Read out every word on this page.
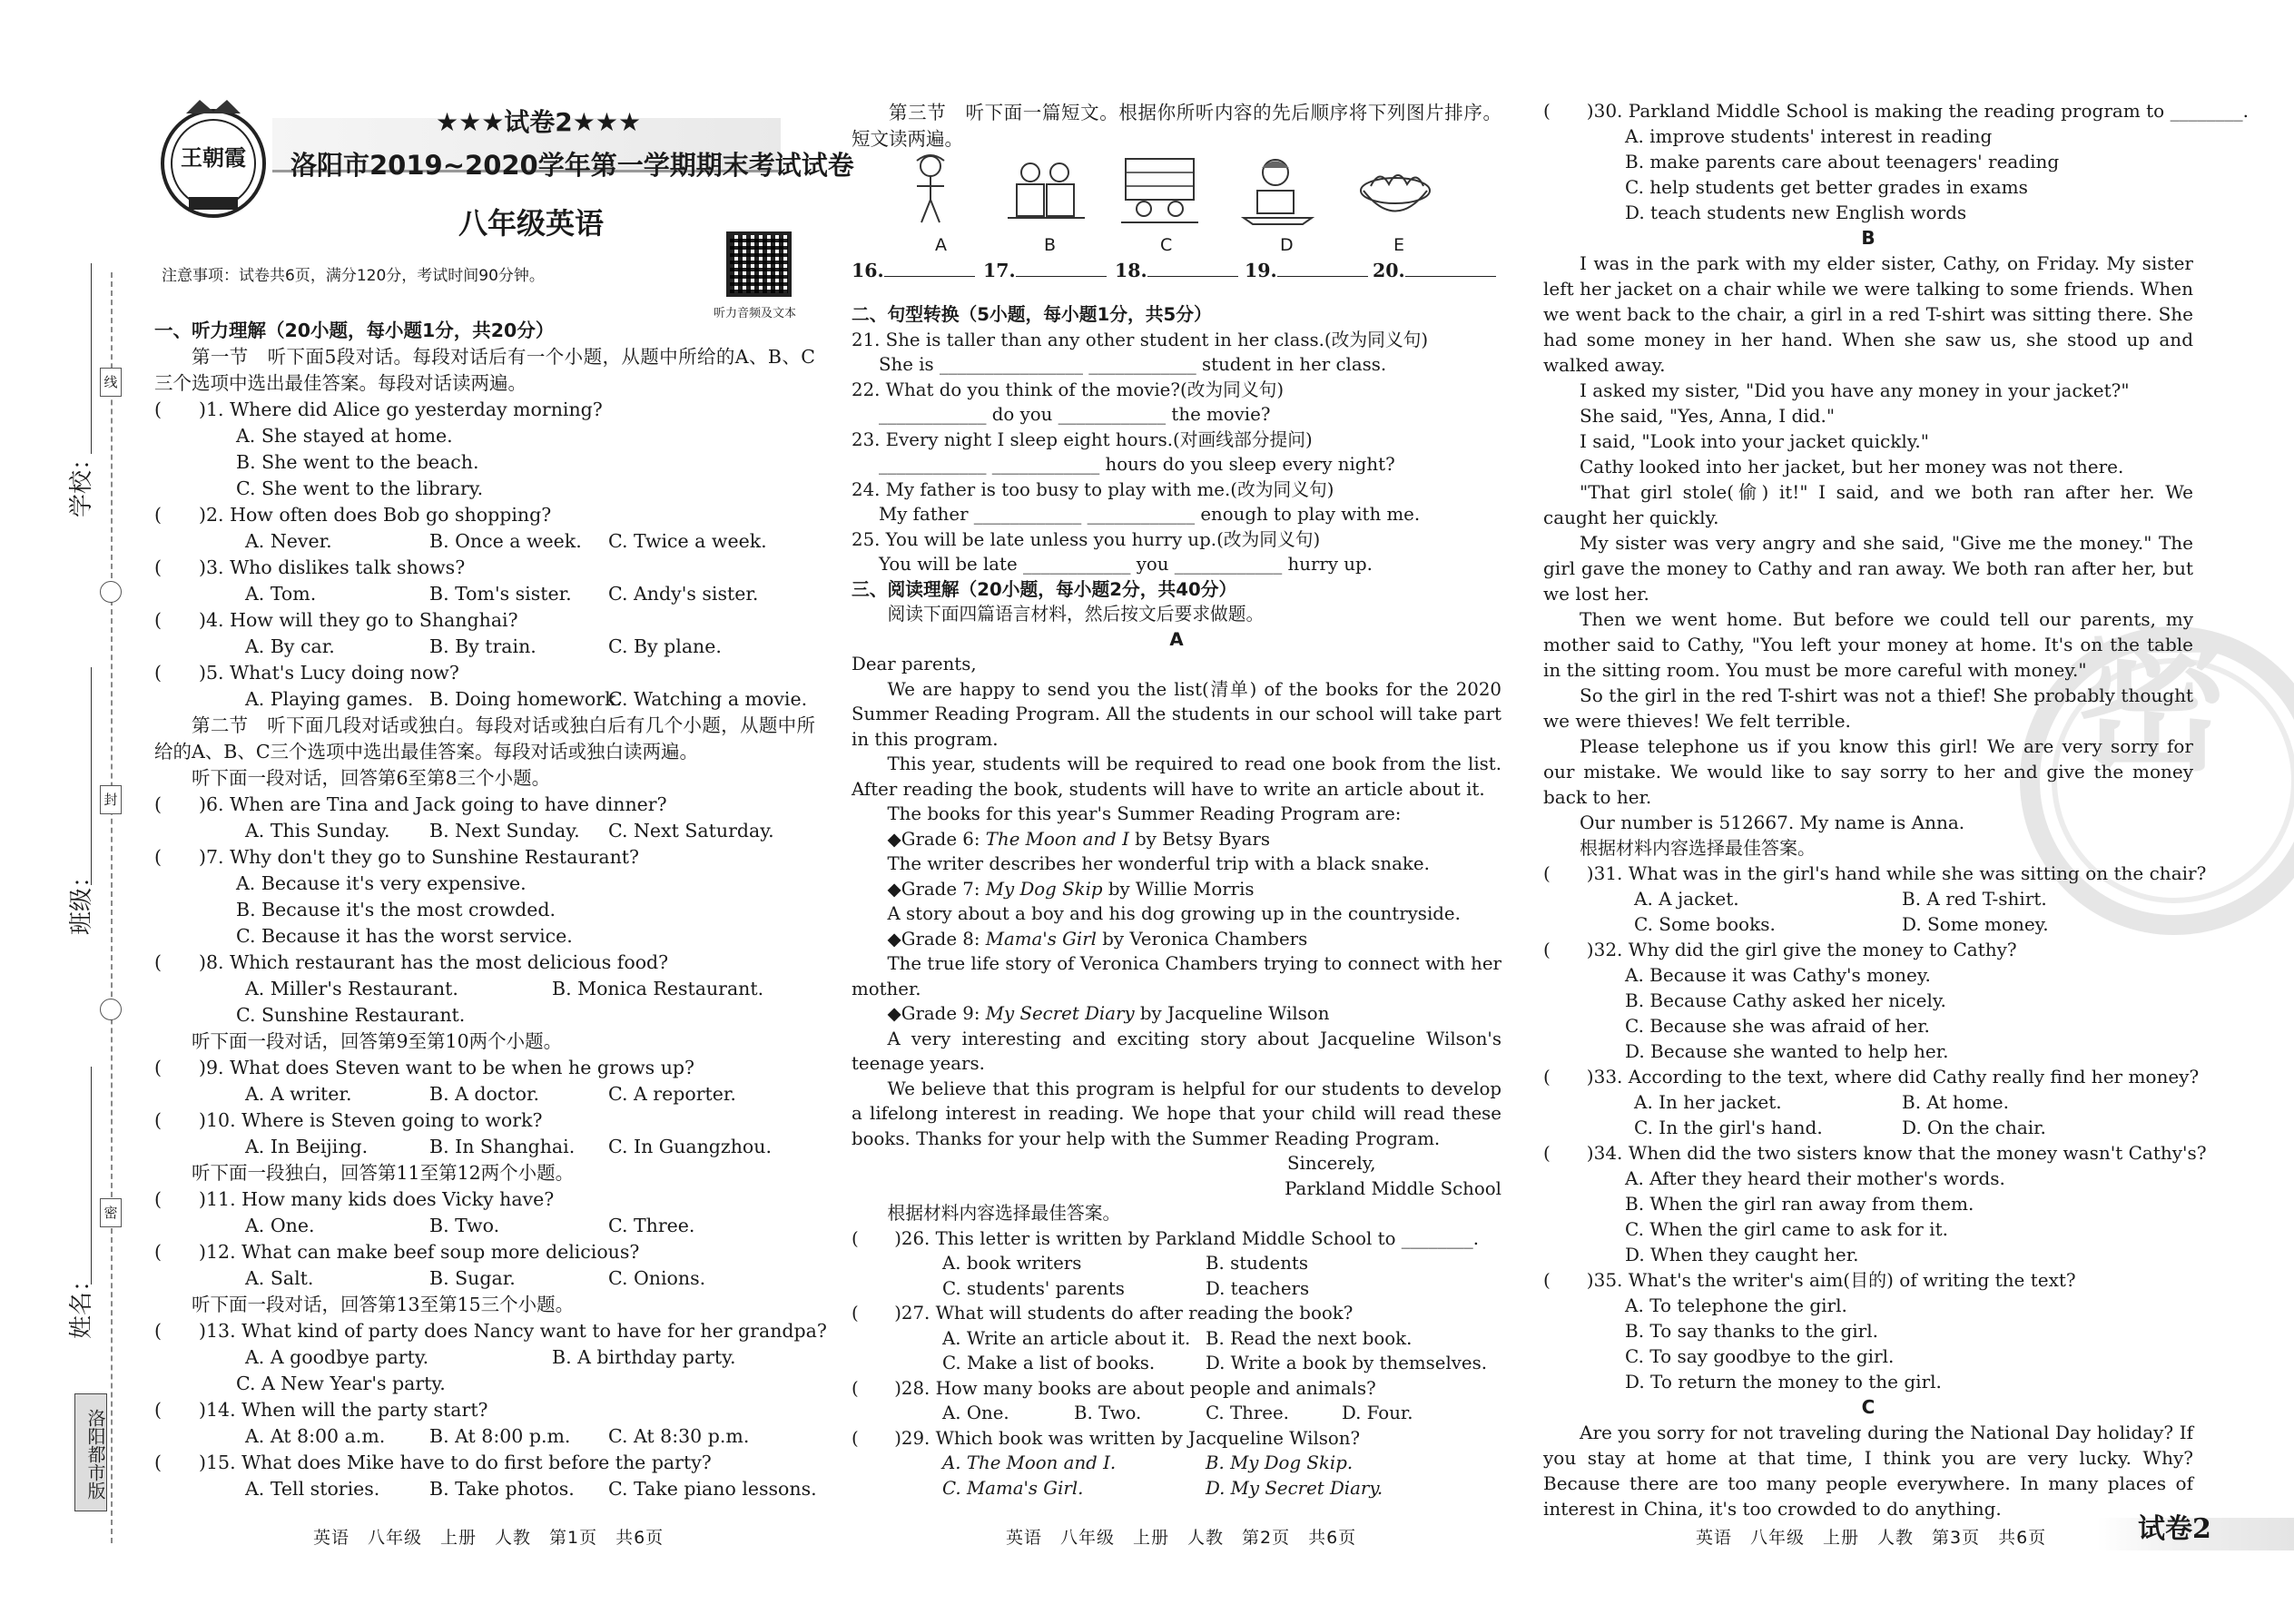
学校：
班级：
姓名：
线
封
密
洛阳都市版
密
王朝霞
★★★试卷2★★★
洛阳市2019~2020学年第一学期期末考试试卷
八年级英语
听力音频及文本
注意事项：试卷共6页，满分120分，考试时间90分钟。
一、听力理解（20小题，每小题1分，共20分）
第一节　听下面5段对话。每段对话后有一个小题，从题中所给的A、B、C三个选项中选出最佳答案。每段对话读两遍。
(　　)1. Where did Alice go yesterday morning?
A. She stayed at home.
B. She went to the beach.
C. She went to the library.
(　　)2. How often does Bob go shopping?
A. Never.	B. Once a week. C. Twice a week.
(　　)3. Who dislikes talk shows?
A. Tom.	B. Tom's sister. C. Andy's sister.
(　　)4. How will they go to Shanghai?
A. By car.	B. By train.	C. By plane.
(　　)5. What's Lucy doing now?
A. Playing games. B. Doing homework.
C. Watching a movie.
第二节　听下面几段对话或独白。每段对话或独白后有几个小题，从题中所给的A、B、C三个选项中选出最佳答案。每段对话或独白读两遍。
听下面一段对话，回答第6至第8三个小题。
(　　)6. When are Tina and Jack going to have dinner?
A. This Sunday. B. Next Sunday. C. Next Saturday.
(　　)7. Why don't they go to Sunshine Restaurant?
A. Because it's very expensive.
B. Because it's the most crowded.
C. Because it has the worst service.
(　　)8. Which restaurant has the most delicious food?
A. Miller's Restaurant.	B. Monica Restaurant.
C. Sunshine Restaurant.
听下面一段对话，回答第9至第10两个小题。
(　　)9. What does Steven want to be when he grows up?
A. A writer.	B. A doctor.	C. A reporter.
(　　)10. Where is Steven going to work?
A. In Beijing.	B. In Shanghai. C. In Guangzhou.
听下面一段独白，回答第11至第12两个小题。
(　　)11. How many kids does Vicky have?
A. One.	B. Two.	C. Three.
(　　)12. What can make beef soup more delicious?
A. Salt.	B. Sugar.	C. Onions.
听下面一段对话，回答第13至第15三个小题。
(　　)13. What kind of party does Nancy want to have for her grandpa?
A. A goodbye party.	B. A birthday party.
C. A New Year's party.
(　　)14. When will the party start?
A. At 8:00 a.m. B. At 8:00 p.m. C. At 8:30 p.m.
(　　)15. What does Mike have to do first before the party?
A. Tell stories.	B. Take photos. C. Take piano lessons.
第三节　听下面一篇短文。根据你所听内容的先后顺序将下列图片排序。短文读两遍。
A	B	C	D	E
16.	17.	18.	19.	20.
二、句型转换（5小题，每小题1分，共5分）
21. She is taller than any other student in her class.(改为同义句)
She is ________________ ____________ student in her class.
22. What do you think of the movie?(改为同义句)
____________ do you ____________ the movie?
23. Every night I sleep eight hours.(对画线部分提问)
____________ ____________ hours do you sleep every night?
24. My father is too busy to play with me.(改为同义句)
My father ____________ ____________ enough to play with me.
25. You will be late unless you hurry up.(改为同义句)
You will be late ____________ you ____________ hurry up.
三、阅读理解（20小题，每小题2分，共40分）
阅读下面四篇语言材料，然后按文后要求做题。
A
Dear parents,
We are happy to send you the list(清单) of the books for the 2020 Summer Reading Program. All the students in our school will take part in this program.
This year, students will be required to read one book from the list. After reading the book, students will have to write an article about it.
The books for this year's Summer Reading Program are:
◆Grade 6: The Moon and I by Betsy Byars
The writer describes her wonderful trip with a black snake.
◆Grade 7: My Dog Skip by Willie Morris
A story about a boy and his dog growing up in the countryside.
◆Grade 8: Mama's Girl by Veronica Chambers
The true life story of Veronica Chambers trying to connect with her mother.
◆Grade 9: My Secret Diary by Jacqueline Wilson
A very interesting and exciting story about Jacqueline Wilson's teenage years.
We believe that this program is helpful for our students to develop a lifelong interest in reading. We hope that your child will read these books. Thanks for your help with the Summer Reading Program.
Sincerely,
Parkland Middle School
根据材料内容选择最佳答案。
(　　)26. This letter is written by Parkland Middle School to ________.
A. book writers	B. students
C. students' parents	D. teachers
(　　)27. What will students do after reading the book?
A. Write an article about it. B. Read the next book.
C. Make a list of books.	D. Write a book by themselves.
(　　)28. How many books are about people and animals?
A. One.	B. Two.	C. Three.	D. Four.
(　　)29. Which book was written by Jacqueline Wilson?
A. The Moon and I.	B. My Dog Skip.
C. Mama's Girl.	D. My Secret Diary.
(　　)30. Parkland Middle School is making the reading program to ________.
A. improve students' interest in reading
B. make parents care about teenagers' reading
C. help students get better grades in exams
D. teach students new English words
B
I was in the park with my elder sister, Cathy, on Friday. My sister left her jacket on a chair while we were talking to some friends. When we went back to the chair, a girl in a red T-shirt was sitting there. She had some money in her hand. When she saw us, she stood up and walked away.
I asked my sister, "Did you have any money in your jacket?"
She said, "Yes, Anna, I did."
I said, "Look into your jacket quickly."
Cathy looked into her jacket, but her money was not there.
"That girl stole(偷) it!" I said, and we both ran after her. We caught her quickly.
My sister was very angry and she said, "Give me the money." The girl gave the money to Cathy and ran away. We both ran after her, but we lost her.
Then we went home. But before we could tell our parents, my mother said to Cathy, "You left your money at home. It's on the table in the sitting room. You must be more careful with money."
So the girl in the red T-shirt was not a thief! She probably thought we were thieves! We felt terrible.
Please telephone us if you know this girl! We are very sorry for our mistake. We would like to say sorry to her and give the money back to her.
Our number is 512667. My name is Anna.
根据材料内容选择最佳答案。
(　　)31. What was in the girl's hand while she was sitting on the chair?
A. A jacket.	B. A red T-shirt.
C. Some books.	D. Some money.
(　　)32. Why did the girl give the money to Cathy?
A. Because it was Cathy's money.
B. Because Cathy asked her nicely.
C. Because she was afraid of her.
D. Because she wanted to help her.
(　　)33. According to the text, where did Cathy really find her money?
A. In her jacket.	B. At home.
C. In the girl's hand.	D. On the chair.
(　　)34. When did the two sisters know that the money wasn't Cathy's?
A. After they heard their mother's words.
B. When the girl ran away from them.
C. When the girl came to ask for it.
D. When they caught her.
(　　)35. What's the writer's aim(目的) of writing the text?
A. To telephone the girl.
B. To say thanks to the girl.
C. To say goodbye to the girl.
D. To return the money to the girl.
C
Are you sorry for not traveling during the National Day holiday? If you stay at home at that time, I think you are very lucky. Why? Because there are too many people everywhere. In many places of interest in China, it's too crowded to do anything.
英语　八年级　上册　人教　第1页　共6页	英语　八年级　上册　人教　第2页　共6页	英语　八年级　上册　人教　第3页　共6页	试卷2
